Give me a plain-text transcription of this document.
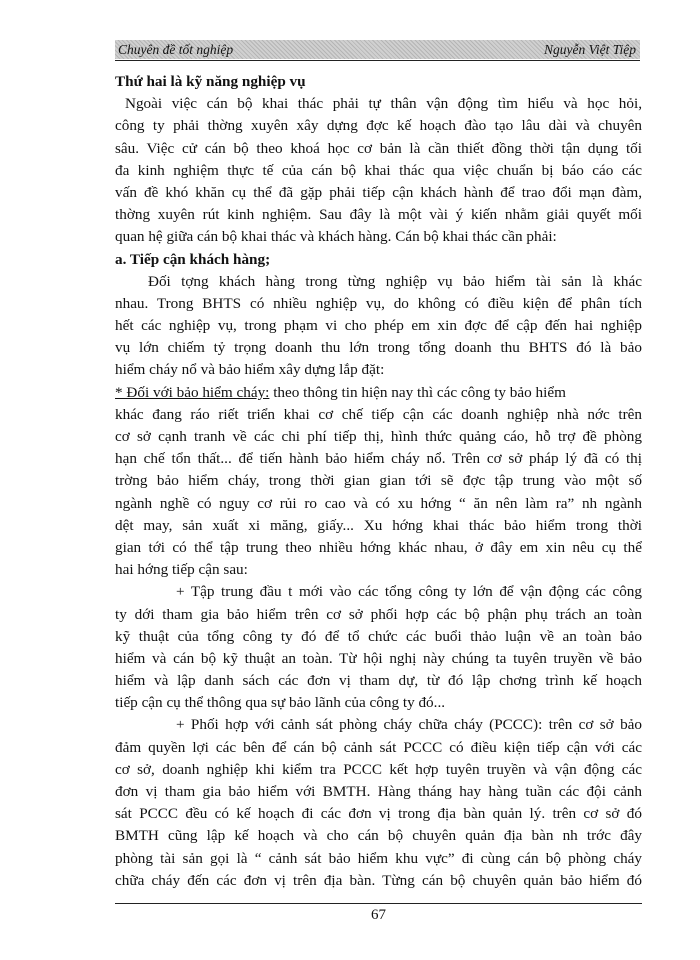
Chuyên đề tốt nghiệp	Nguyễn Việt Tiệp
Thứ hai là kỹ năng nghiệp vụ
Ngoài việc cán bộ khai thác phải tự thân vận động tìm hiểu và học hỏi,
công ty phải thờng xuyên xây dựng đợc kế hoạch đào tạo lâu dài và chuyên
sâu. Việc cử cán bộ theo khoá học cơ bản là cần thiết đồng thời tận dụng tối
đa kinh nghiệm thực tế của cán bộ khai thác qua việc chuẩn bị báo cáo các
vấn đề khó khăn cụ thể đã gặp phải tiếp cận khách hành để trao đổi mạn đàm,
thờng xuyên rút kinh nghiệm. Sau đây là một vài ý kiến nhằm giải quyết mối
quan hệ giữa cán bộ khai thác và khách hàng. Cán bộ khai thác cần phải:
a. Tiếp cận khách hàng;
Đối tợng khách hàng trong từng nghiệp vụ bảo hiểm tài sản là khác
nhau. Trong BHTS có nhiều nghiệp vụ, do không có điều kiện để phân tích
hết các nghiệp vụ, trong phạm vi cho phép em xin đợc để cập đến hai nghiệp
vụ lớn chiếm tỷ trọng doanh thu lớn trong tổng doanh thu BHTS đó là bảo
hiểm cháy nổ và bảo hiểm xây dựng lắp đặt:
* Đối với bảo hiểm cháy: theo thông tin hiện nay thì các công ty bảo hiểm
khác đang ráo riết triển khai cơ chế tiếp cận các doanh nghiệp nhà nớc trên
cơ sở cạnh tranh về các chi phí tiếp thị, hình thức quảng cáo, hỗ trợ đề phòng
hạn chế tổn thất... để tiến hành bảo hiểm cháy nổ. Trên cơ sở pháp lý đã có thị
trờng bảo hiểm cháy, trong thời gian gian tới sẽ đợc tập trung vào một số
ngành nghề có nguy cơ rủi ro cao và có xu hớng “ ăn nên làm ra” nh ngành
dệt may, sản xuất xi măng, giấy... Xu hớng khai thác bảo hiểm trong thời
gian tới có thể tập trung theo nhiều hớng khác nhau, ở đây em xin nêu cụ thể
hai hớng tiếp cận sau:
+ Tập trung đầu t mới vào các tổng công ty lớn để vận động các công
ty dới tham gia bảo hiểm trên cơ sở phối hợp các bộ phận phụ trách an toàn
kỹ thuật của tổng công ty đó để tổ chức các buổi thảo luận về an toàn bảo
hiểm và cán bộ kỹ thuật an toàn. Từ hội nghị này chúng ta tuyên truyền về bảo
hiểm và lập danh sách các đơn vị tham dự, từ đó lập chơng trình kế hoạch
tiếp cận cụ thể thông qua sự bảo lãnh của công ty đó...
+ Phối hợp với cảnh sát phòng cháy chữa cháy (PCCC): trên cơ sở bảo
đảm quyền lợi các bên để cán bộ cảnh sát PCCC có điều kiện tiếp cận với các
cơ sở, doanh nghiệp khi kiểm tra PCCC kết hợp tuyên truyền và vận động các
đơn vị tham gia bảo hiểm với BMTH. Hàng tháng hay hàng tuần các đội cảnh
sát PCCC đều có kế hoạch đi các đơn vị trong địa bàn quản lý. trên cơ sở đó
BMTH cũng lập kế hoạch và cho cán bộ chuyên quản địa bàn nh trớc đây
phòng tài sản gọi là “ cảnh sát bảo hiểm khu vực” đi cùng cán bộ phòng cháy
chữa cháy đến các đơn vị trên địa bàn. Từng cán bộ chuyên quản bảo hiểm đó
67
